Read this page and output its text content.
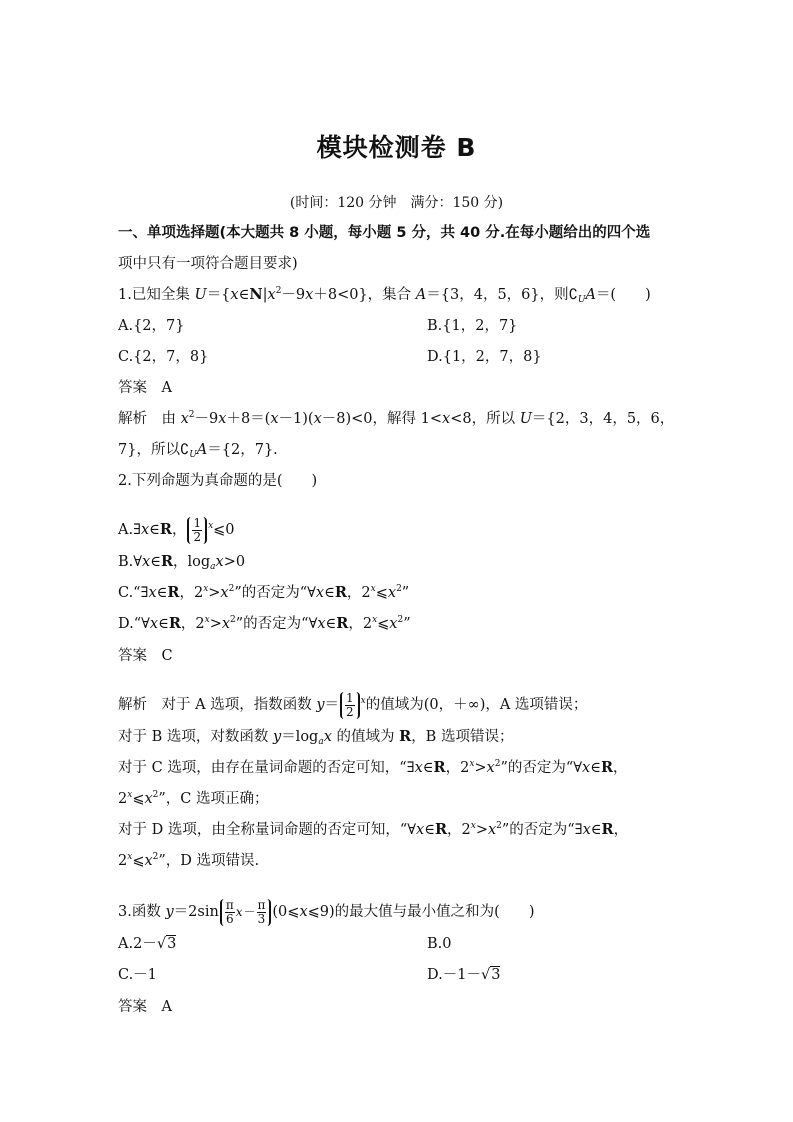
模块检测卷 B
(时间：120 分钟　满分：150 分)
一、单项选择题(本大题共 8 小题，每小题 5 分，共 40 分.在每小题给出的四个选
项中只有一项符合题目要求)
1.已知全集 $U=\{x\in N|x^2-9x+8<0\}$，集合 A＝{3，4，5，6}，则$∁_UA=$(　　)
A.{2，7}	B.{1，2，7}
C.{2，7，8}	D.{1，2，7，8}
答案　A
解析　由 $x^2-9x+8=(x-1)(x-8)<0$，解得 1<x<8，所以 U＝{2，3，4，5，6，
7}，所以$∁_UA=\{2$，7}.
2.下列命题为真命题的是(　　)
A.∃x∈R， $\frac{1}{2}$ $^x$⩽0
B.∀x∈R，$\log_ax>0$
C.“∃x∈R，$2^x>x^2$”的否定为“∀x∈R，$2^x⩽x^2$”
D.“∀x∈R，$2^x>x^2$”的否定为“∀x∈R，$2^x⩽x^2$”
答案　C
解析　对于 A 选项，指数函数 $y= \frac{1}{2} ^x$的值域为(0，＋∞)，A 选项错误；
对于 B 选项，对数函数 $y=\log_ax$ 的值域为 R，B 选项错误；
对于 C 选项，由存在量词命题的否定可知，“∃x∈R，$2^x>x^2$”的否定为“∀x∈R，
$2^x⩽x^2$”，C 选项正确；
对于 D 选项，由全称量词命题的否定可知，“∀x∈R，$2^x>x^2$”的否定为“∃x∈R，
$2^x⩽x^2$”，D 选项错误.
3.函数 y＝2sin π
6 x － π
3 (0⩽x⩽9)的最大值与最小值之和为(　　)
A.2－√3	B.0
C.－1	D.－1－√3
答案　A
